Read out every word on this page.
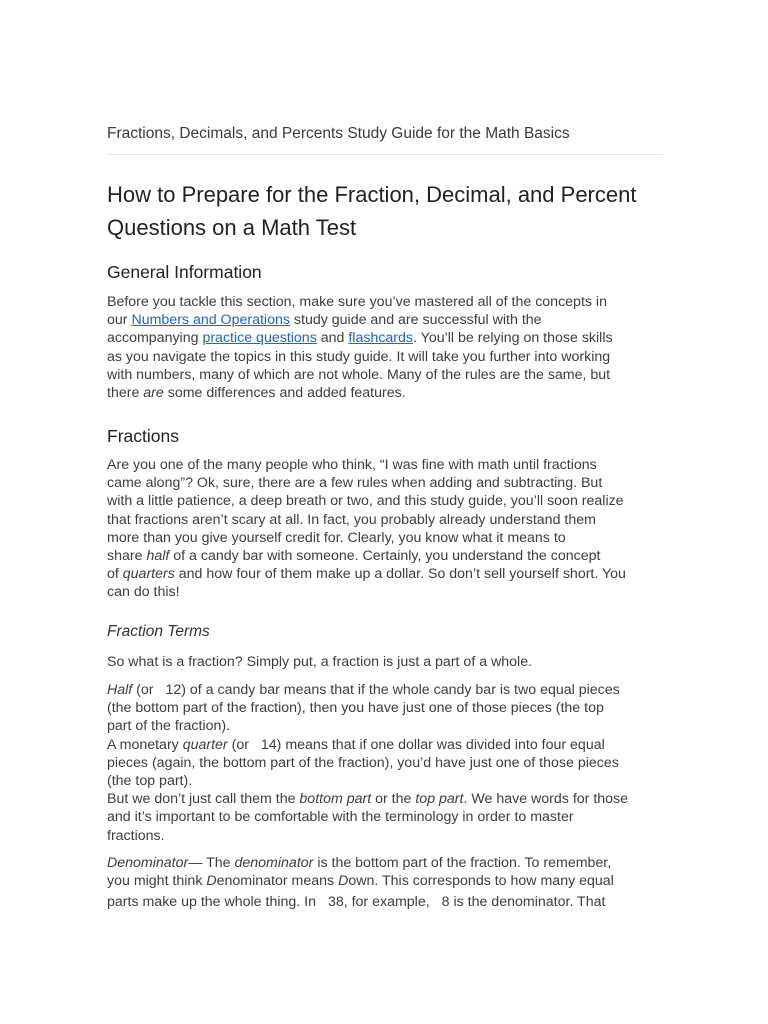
Fractions, Decimals, and Percents Study Guide for the Math Basics
How to Prepare for the Fraction, Decimal, and Percent
Questions on a Math Test
General Information
Before you tackle this section, make sure you’ve mastered all of the concepts in
our Numbers and Operations study guide and are successful with the
accompanying practice questions and flashcards. You’ll be relying on those skills
as you navigate the topics in this study guide. It will take you further into working
with numbers, many of which are not whole. Many of the rules are the same, but
there are some differences and added features.
Fractions
Are you one of the many people who think, “I was fine with math until fractions
came along”? Ok, sure, there are a few rules when adding and subtracting. But
with a little patience, a deep breath or two, and this study guide, you’ll soon realize
that fractions aren’t scary at all. In fact, you probably already understand them
more than you give yourself credit for. Clearly, you know what it means to
share half of a candy bar with someone. Certainly, you understand the concept
of quarters and how four of them make up a dollar. So don’t sell yourself short. You
can do this!
Fraction Terms
So what is a fraction? Simply put, a fraction is just a part of a whole.
Half (or 12) of a candy bar means that if the whole candy bar is two equal pieces
(the bottom part of the fraction), then you have just one of those pieces (the top
part of the fraction).
A monetary quarter (or 14) means that if one dollar was divided into four equal
pieces (again, the bottom part of the fraction), you’d have just one of those pieces
(the top part).
But we don’t just call them the bottom part or the top part. We have words for those
and it’s important to be comfortable with the terminology in order to master
fractions.
Denominator— The denominator is the bottom part of the fraction. To remember,
you might think Denominator means Down. This corresponds to how many equal
parts make up the whole thing. In 38, for example, 8 is the denominator. That
